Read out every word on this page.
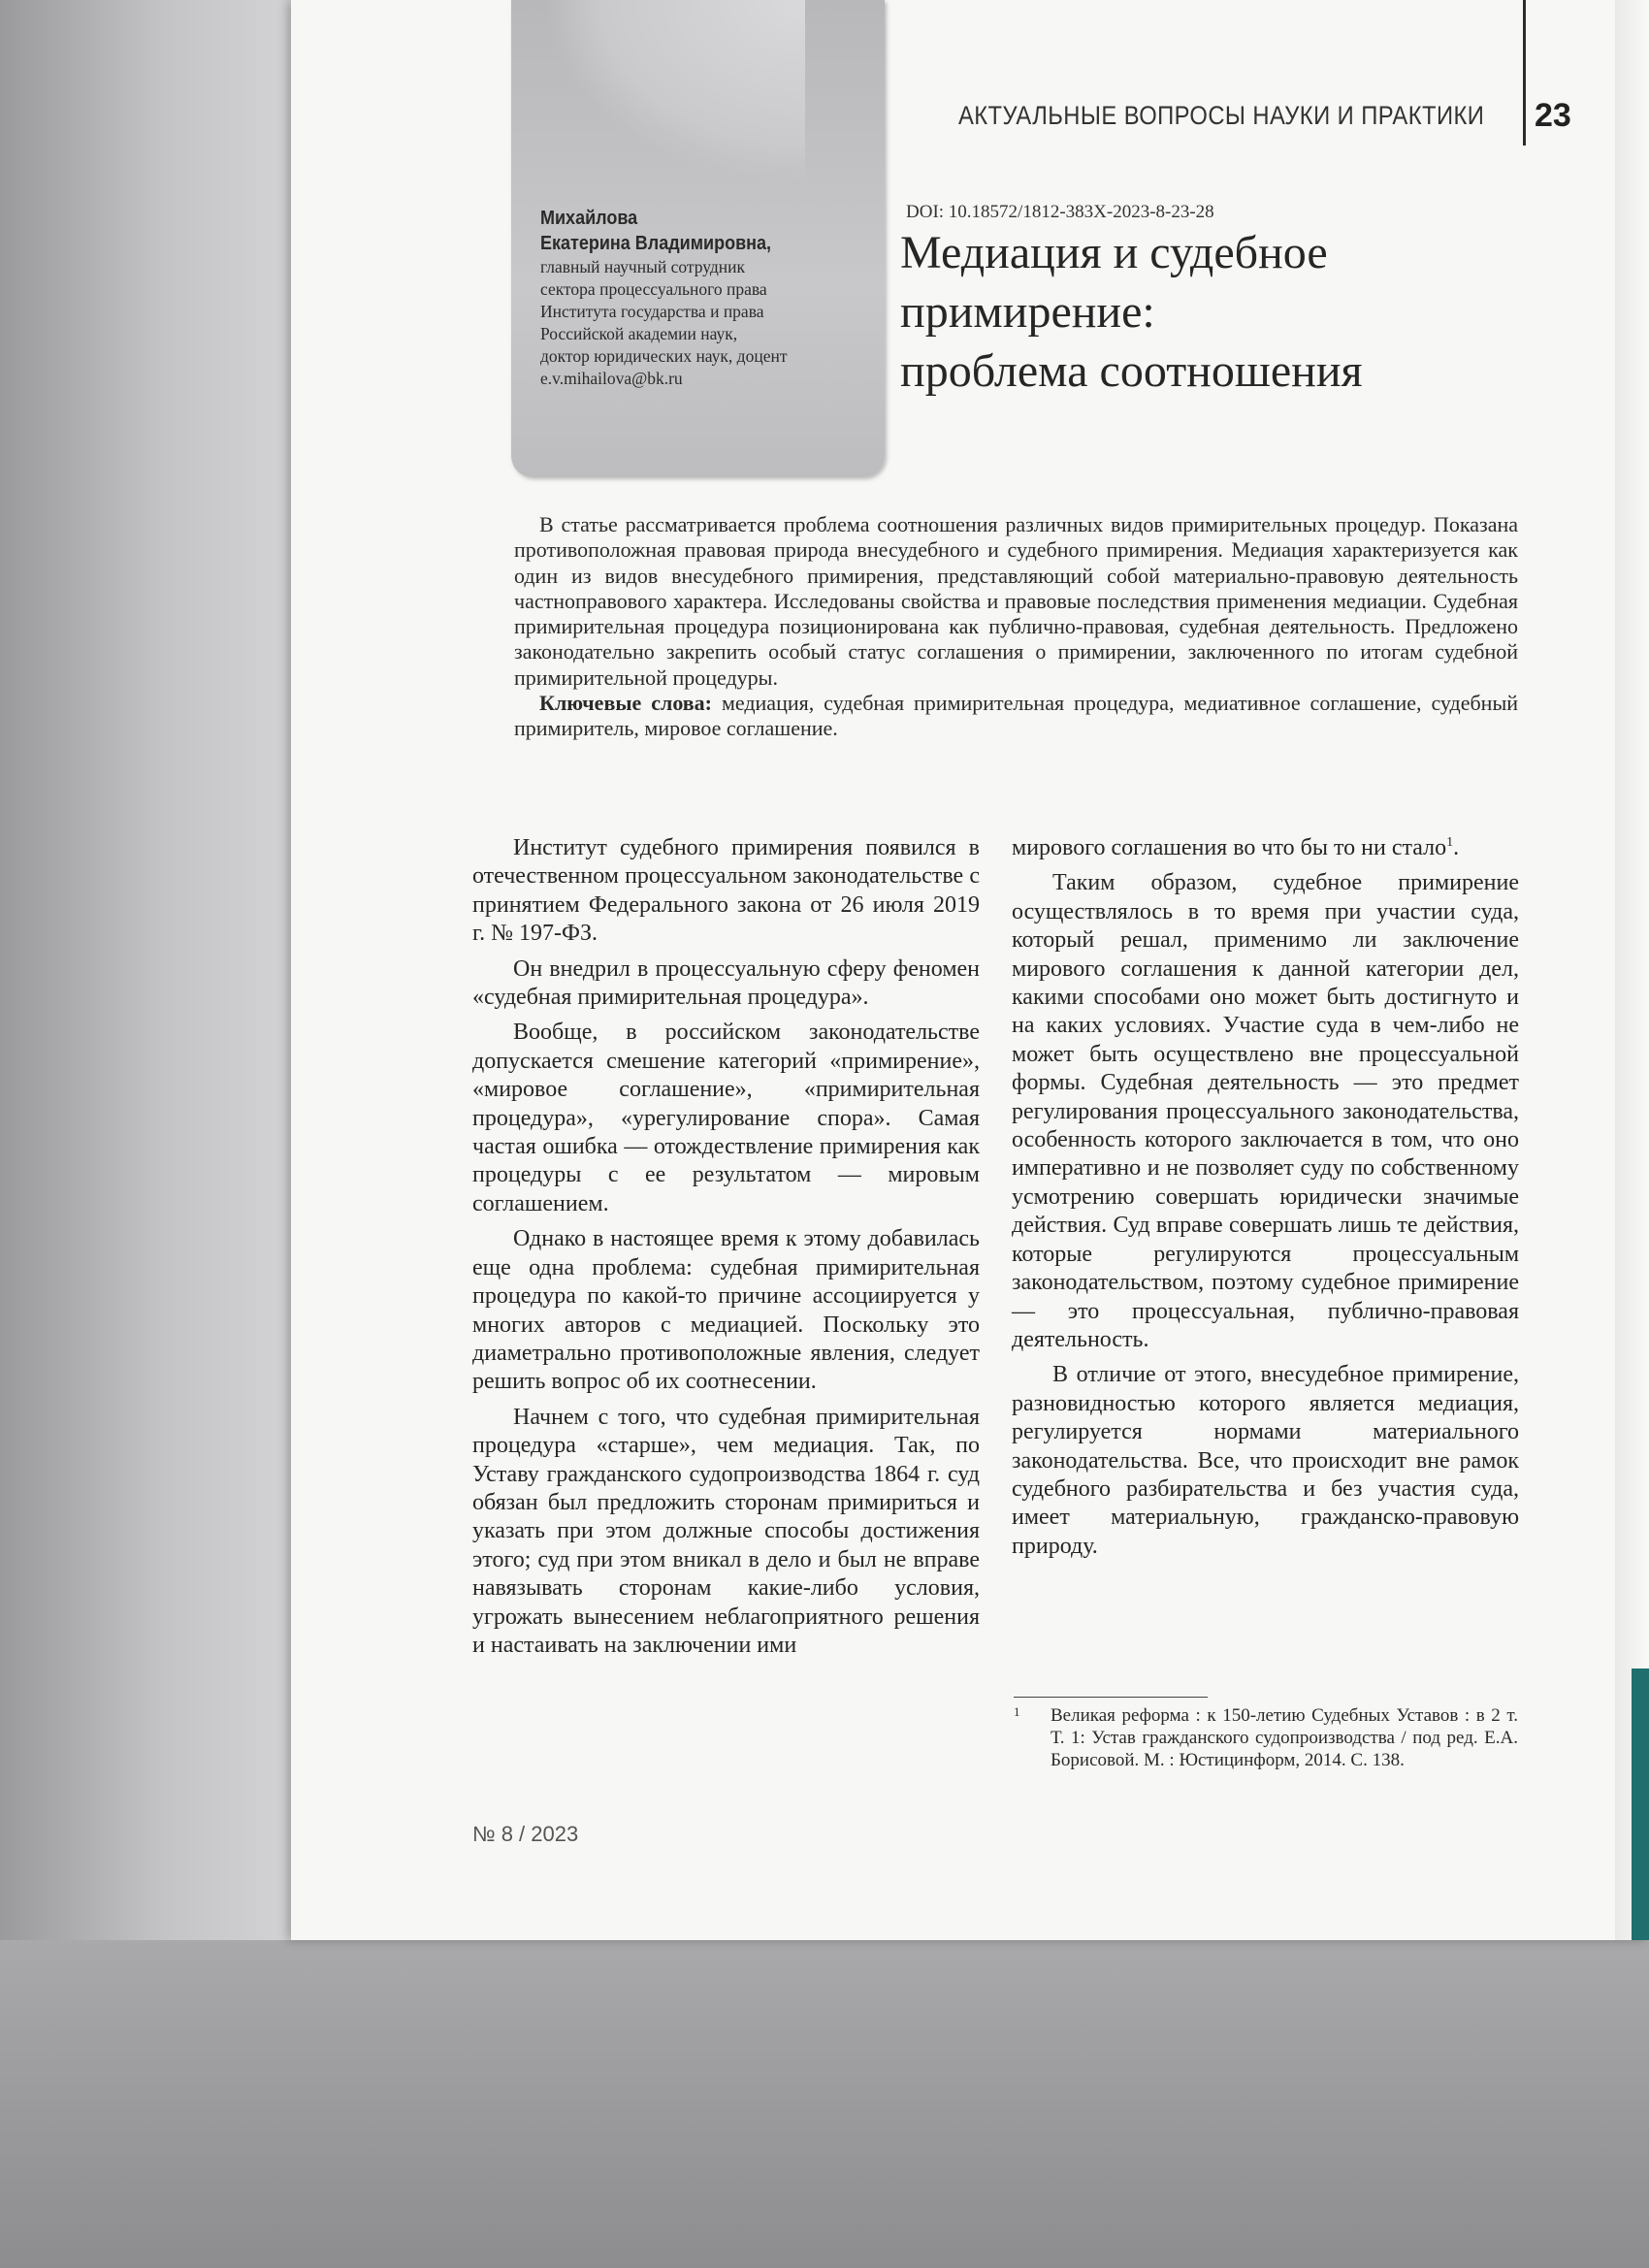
АКТУАЛЬНЫЕ ВОПРОСЫ НАУКИ И ПРАКТИКИ 23
Михайлова
Екатерина Владимировна,
главный научный сотрудник
сектора процессуального права
Института государства и права
Российской академии наук,
доктор юридических наук, доцент
e.v.mihailova@bk.ru
DOI: 10.18572/1812-383X-2023-8-23-28
Медиация и судебное
примирение:
проблема соотношения

В статье рассматривается проблема соотношения различных видов примирительных процедур. Показана противоположная правовая природа внесудебного и судебного примирения. Медиация характеризуется как один из видов внесудебного примирения, представляющий собой материально-правовую деятельность частноправового характера. Исследованы свойства и правовые последствия применения медиации. Судебная примирительная процедура позиционирована как публично-правовая, судебная деятельность. Предложено законодательно закрепить особый статус соглашения о примирении, заключенного по итогам судебной примирительной процедуры.

Ключевые слова: медиация, судебная примирительная процедура, медиативное соглашение, судебный примиритель, мировое соглашение.

Институт судебного примирения появился в отечественном процессуальном законодательстве с принятием Федерального закона от 26 июля 2019 г. № 197-ФЗ.

Он внедрил в процессуальную сферу феномен «судебная примирительная процедура».

Вообще, в российском законодательстве допускается смешение категорий «примирение», «мировое соглашение», «примирительная процедура», «урегулирование спора». Самая частая ошибка — отождествление примирения как процедуры с ее результатом — мировым соглашением.

Однако в настоящее время к этому добавилась еще одна проблема: судебная примирительная процедура по какой-то причине ассоциируется у многих авторов с медиацией. Поскольку это диаметрально противоположные явления, следует решить вопрос об их соотнесении.

Начнем с того, что судебная примирительная процедура «старше», чем медиация. Так, по Уставу гражданского судопроизводства 1864 г. суд обязан был предложить сторонам примириться и указать при этом должные способы достижения этого; суд при этом вникал в дело и был не вправе навязывать сторонам какие-либо условия, угрожать вынесением неблагоприятного решения и настаивать на заключении ими

мирового соглашения во что бы то ни стало$^1$.

Таким образом, судебное примирение осуществлялось в то время при участии суда, который решал, применимо ли заключение мирового соглашения к данной категории дел, какими способами оно может быть достигнуто и на каких условиях. Участие суда в чем-либо не может быть осуществлено вне процессуальной формы. Судебная деятельность — это предмет регулирования процессуального законодательства, особенность которого заключается в том, что оно императивно и не позволяет суду по собственному усмотрению совершать юридически значимые действия. Суд вправе совершать лишь те действия, которые регулируются процессуальным законодательством, поэтому судебное примирение — это процессуальная, публично-правовая деятельность.

В отличие от этого, внесудебное примирение, разновидностью которого является медиация, регулируется нормами материального законодательства. Все, что происходит вне рамок судебного разбирательства и без участия суда, имеет материальную, гражданско-правовую природу.

1 Великая реформа : к 150-летию Судебных Уставов : в 2 т. Т. 1: Устав гражданского судопроизводства / под ред. Е.А. Борисовой. М. : Юстицинформ, 2014. С. 138.
№ 8 / 2023
